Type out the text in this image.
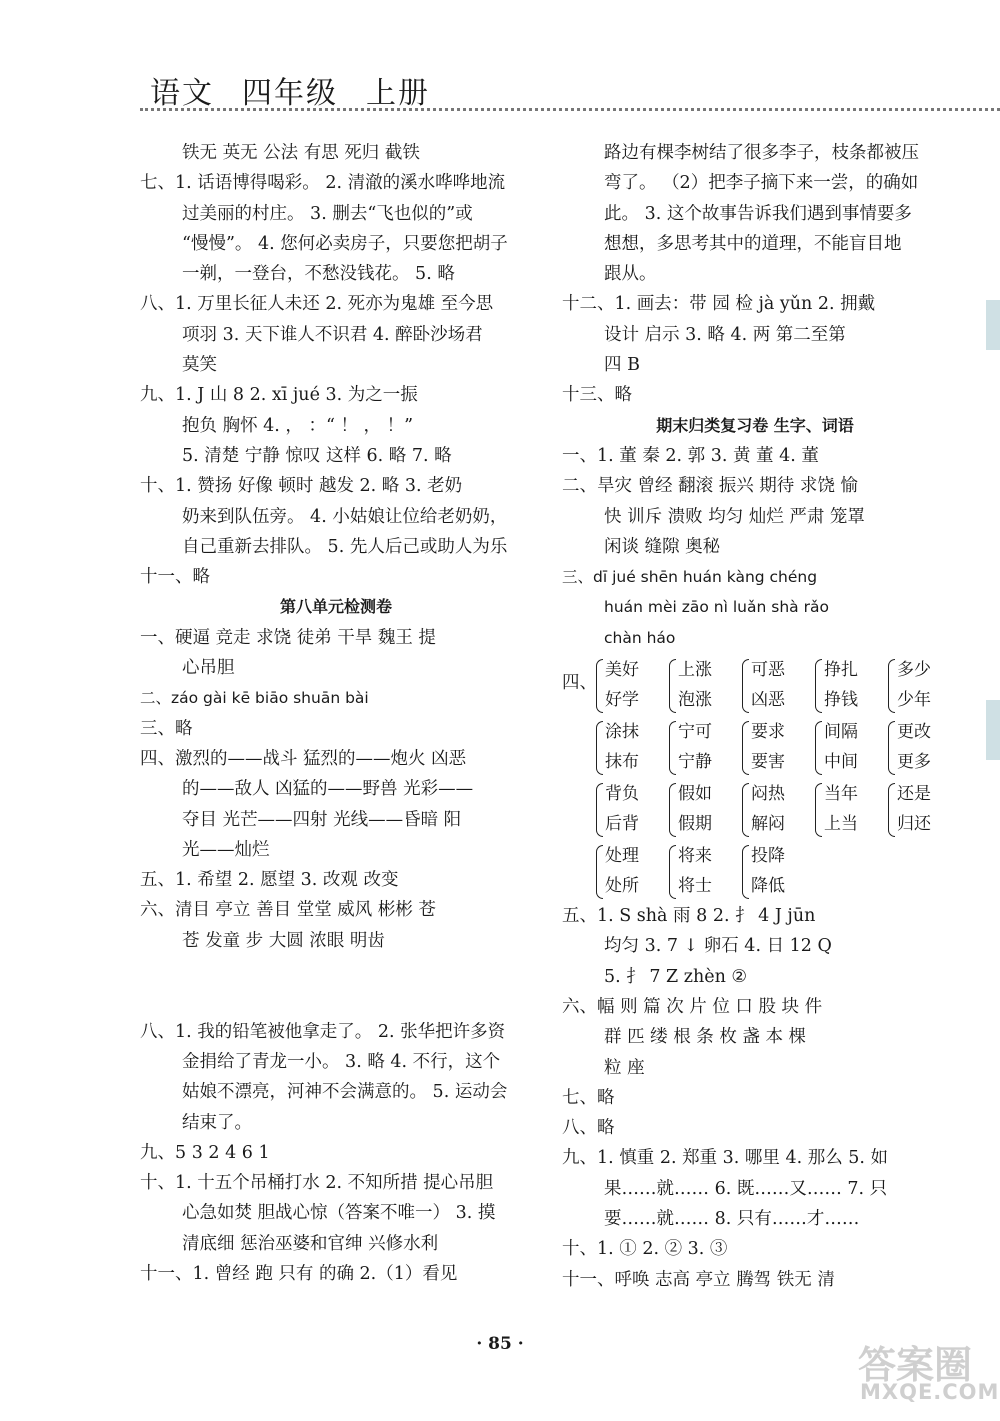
语文 四年级 上册
铁无 英无 公法 有思 死归 截铁
七、1. 话语博得喝彩。 2. 清澈的溪水哗哗地流
过美丽的村庄。 3. 删去“飞也似的”或
“慢慢”。 4. 您何必卖房子，只要您把胡子
一剃，一登台，不愁没钱花。 5. 略
八、1. 万里长征人未还 2. 死亦为鬼雄 至今思
项羽 3. 天下谁人不识君 4. 醉卧沙场君
莫笑
九、1. J 山 8 2. xī jué 3. 为之一振
抱负 胸怀 4. ， ：“ ！ ， ！”
5. 清楚 宁静 惊叹 这样 6. 略 7. 略
十、1. 赞扬 好像 顿时 越发 2. 略 3. 老奶
奶来到队伍旁。 4. 小姑娘让位给老奶奶，
自己重新去排队。 5. 先人后己或助人为乐
十一、略
第八单元检测卷
一、硬逼 竞走 求饶 徒弟 干旱 魏王 提
心吊胆
二、záo gài kē biāo shuān bài
三、略
四、激烈的——战斗 猛烈的——炮火 凶恶
的——敌人 凶猛的——野兽 光彩——
夺目 光芒——四射 光线——昏暗 阳
光——灿烂
五、1. 希望 2. 愿望 3. 改观 改变
六、清目 亭立 善目 堂堂 威风 彬彬 苍
苍 发童 步 大圆 浓眼 明齿

八、1. 我的铅笔被他拿走了。 2. 张华把许多资
金捐给了青龙一小。 3. 略 4. 不行，这个
姑娘不漂亮，河神不会满意的。 5. 运动会
结束了。
九、5 3 2 4 6 1
十、1. 十五个吊桶打水 2. 不知所措 提心吊胆
心急如焚 胆战心惊（答案不唯一） 3. 摸
清底细 惩治巫婆和官绅 兴修水利
十一、1. 曾经 跑 只有 的确 2.（1）看见
路边有棵李树结了很多李子，枝条都被压
弯了。 （2）把李子摘下来一尝，的确如
此。 3. 这个故事告诉我们遇到事情要多
想想，多思考其中的道理，不能盲目地
跟从。
十二、1. 画去：带 园 检 jà yǔn 2. 拥戴
设计 启示 3. 略 4. 两 第二至第
四 B
十三、略
期末归类复习卷 生字、词语
一、1. 董 秦 2. 郭 3. 黄 董 4. 董
二、旱灾 曾经 翻滚 振兴 期待 求饶 愉
快 训斥 溃败 均匀 灿烂 严肃 笼罩
闲谈 缝隙 奥秘
三、dī jué shēn huán kàng chéng
huán mèi zāo nì luǎn shà rǎo
chàn háo
四、
美好
好学
上涨
泡涨
可恶
凶恶
挣扎
挣钱
多少
少年
涂抹
抹布
宁可
宁静
要求
要害
间隔
中间
更改
更多
背负
后背
假如
假期
闷热
解闷
当年
上当
还是
归还
处理
处所
将来
将士
投降
降低
五、1. S shà 雨 8 2. 扌 4 J jūn
均匀 3. 7 ↓ 卵石 4. 日 12 Q
5. 扌 7 Z zhèn ②
六、幅 则 篇 次 片 位 口 股 块 件
群 匹 缕 根 条 枚 盏 本 棵
粒 座
七、略
八、略
九、1. 慎重 2. 郑重 3. 哪里 4. 那么 5. 如
果……就…… 6. 既……又…… 7. 只
要……就…… 8. 只有……才……
十、1. ① 2. ② 3. ③
十一、呼唤 志高 亭立 腾驾 铁无 清
· 85 ·	答案圈
MXQE.COM
